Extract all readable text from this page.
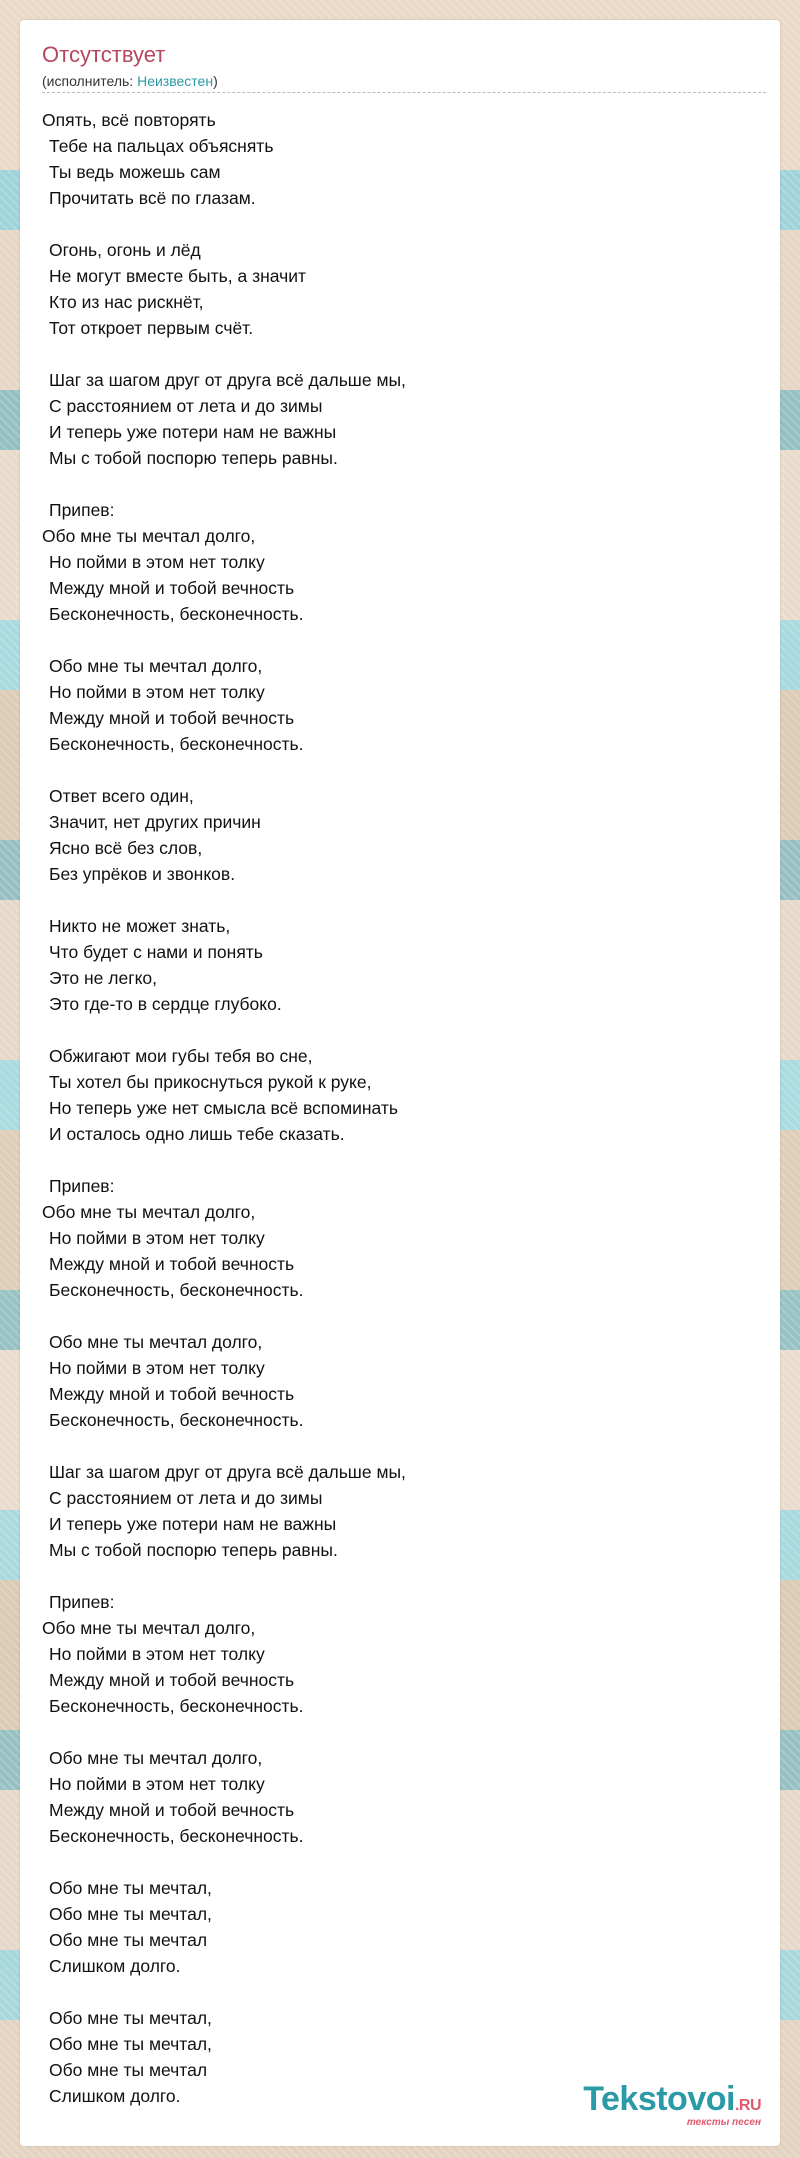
Отсутствует
(исполнитель: Неизвестен)
Опять, всё повторять
Тебе на пальцах объяснять
Ты ведь можешь сам
Прочитать всё по глазам.
Огонь, огонь и лёд
Не могут вместе быть, а значит
Кто из нас рискнёт,
Тот откроет первым счёт.
Шаг за шагом друг от друга всё дальше мы,
С расстоянием от лета и до зимы
И теперь уже потери нам не важны
Мы с тобой поспорю теперь равны.
Припев:
Обо мне ты мечтал долго,
Но пойми в этом нет толку
Между мной и тобой вечность
Бесконечность, бесконечность.
Обо мне ты мечтал долго,
Но пойми в этом нет толку
Между мной и тобой вечность
Бесконечность, бесконечность.
Ответ всего один,
Значит, нет других причин
Ясно всё без слов,
Без упрёков и звонков.
Никто не может знать,
Что будет с нами и понять
Это не легко,
Это где-то в сердце глубоко.
Обжигают мои губы тебя во сне,
Ты хотел бы прикоснуться рукой к руке,
Но теперь уже нет смысла всё вспоминать
И осталось одно лишь тебе сказать.
Припев:
Обо мне ты мечтал долго,
Но пойми в этом нет толку
Между мной и тобой вечность
Бесконечность, бесконечность.
Обо мне ты мечтал долго,
Но пойми в этом нет толку
Между мной и тобой вечность
Бесконечность, бесконечность.
Шаг за шагом друг от друга всё дальше мы,
С расстоянием от лета и до зимы
И теперь уже потери нам не важны
Мы с тобой поспорю теперь равны.
Припев:
Обо мне ты мечтал долго,
Но пойми в этом нет толку
Между мной и тобой вечность
Бесконечность, бесконечность.
Обо мне ты мечтал долго,
Но пойми в этом нет толку
Между мной и тобой вечность
Бесконечность, бесконечность.
Обо мне ты мечтал,
Обо мне ты мечтал,
Обо мне ты мечтал
Слишком долго.
Обо мне ты мечтал,
Обо мне ты мечтал,
Обо мне ты мечтал
Слишком долго.	Tekstovoi.RU
тексты песен
